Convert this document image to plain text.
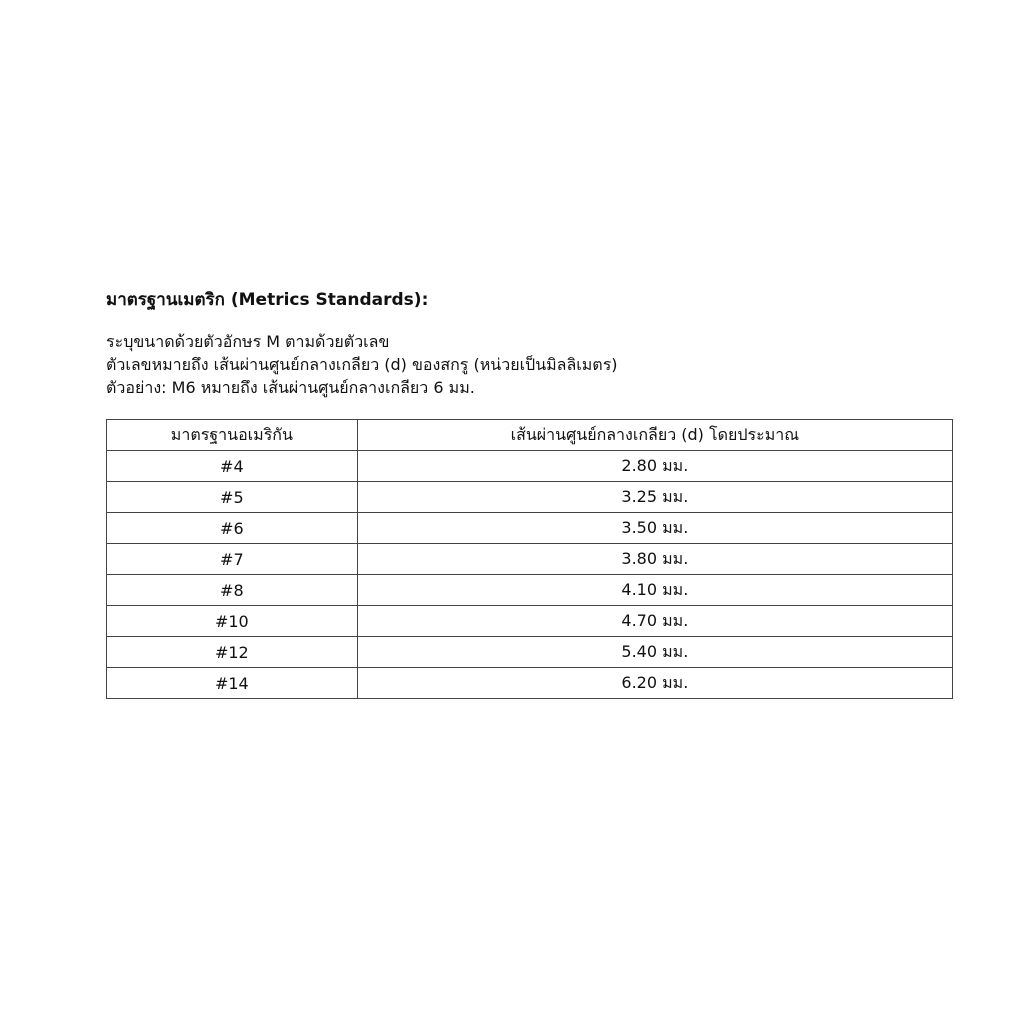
มาตรฐานเมตริก (Metrics Standards):

ระบุขนาดด้วยตัวอักษร M ตามด้วยตัวเลข

ตัวเลขหมายถึง เส้นผ่านศูนย์กลางเกลียว (d) ของสกรู (หน่วยเป็นมิลลิเมตร)

ตัวอย่าง: M6 หมายถึง เส้นผ่านศูนย์กลางเกลียว 6 มม.

มาตรฐานอเมริกัน	เส้นผ่านศูนย์กลางเกลียว (d) โดยประมาณ
#4	2.80 มม.
#5	3.25 มม.
#6	3.50 มม.
#7	3.80 มม.
#8	4.10 มม.
#10	4.70 มม.
#12	5.40 มม.
#14	6.20 มม.
